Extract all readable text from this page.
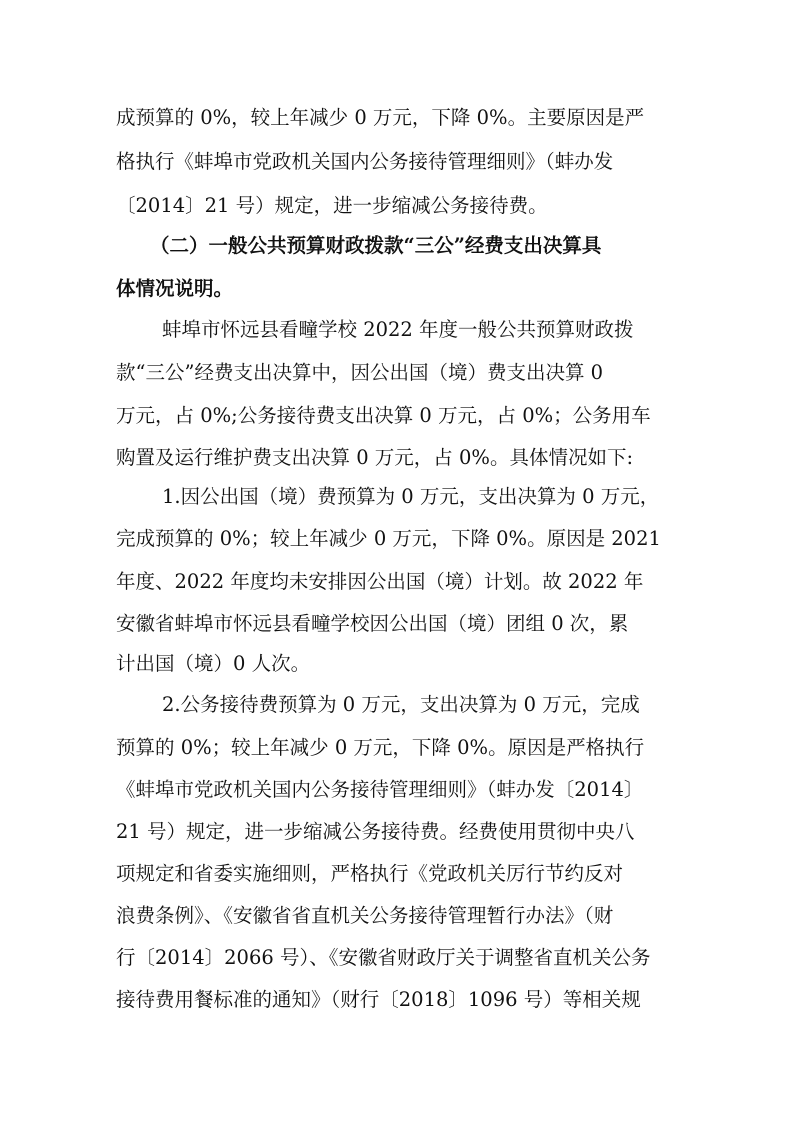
成预算的 0%，较上年减少 0 万元，下降 0%。主要原因是严
格执行《蚌埠市党政机关国内公务接待管理细则》（蚌办发
〔2014〕21 号）规定，进一步缩减公务接待费。
（二）一般公共预算财政拨款“三公”经费支出决算具
体情况说明。
蚌埠市怀远县看疃学校 2022 年度一般公共预算财政拨
款“三公”经费支出决算中，因公出国（境）费支出决算 0
万元，占 0%;公务接待费支出决算 0 万元，占 0%；公务用车
购置及运行维护费支出决算 0 万元，占 0%。具体情况如下:
1.因公出国（境）费预算为 0 万元，支出决算为 0 万元，
完成预算的 0%；较上年减少 0 万元，下降 0%。原因是 2021
年度、2022 年度均未安排因公出国（境）计划。故 2022 年
安徽省蚌埠市怀远县看疃学校因公出国（境）团组 0 次，累
计出国（境）0 人次。
2.公务接待费预算为 0 万元，支出决算为 0 万元，完成
预算的 0%；较上年减少 0 万元，下降 0%。原因是严格执行
《蚌埠市党政机关国内公务接待管理细则》（蚌办发〔2014〕
21 号）规定，进一步缩减公务接待费。经费使用贯彻中央八
项规定和省委实施细则，严格执行《党政机关厉行节约反对
浪费条例》、《安徽省省直机关公务接待管理暂行办法》（财
行〔2014〕2066 号）、《安徽省财政厅关于调整省直机关公务
接待费用餐标准的通知》（财行〔2018〕1096 号）等相关规
